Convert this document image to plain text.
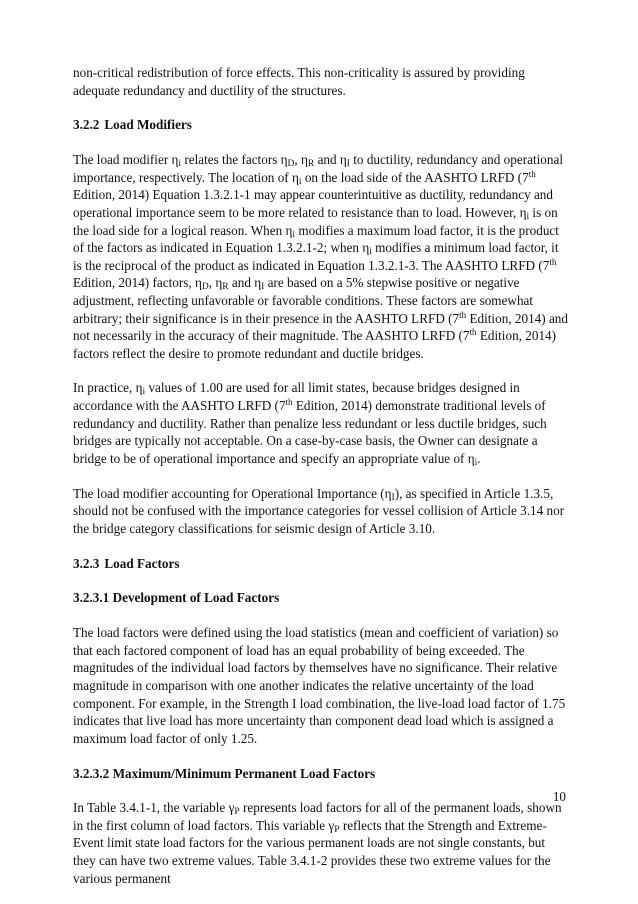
non-critical redistribution of force effects. This non-criticality is assured by providing adequate redundancy and ductility of the structures.

3.2.2 Load Modifiers

The load modifier $\eta_i$ relates the factors $\eta_D$, $\eta_R$ and $\eta_I$ to ductility, redundancy and operational importance, respectively. The location of $\eta_i$ on the load side of the AASHTO LRFD (7th Edition, 2014) Equation 1.3.2.1-1 may appear counterintuitive as ductility, redundancy and operational importance seem to be more related to resistance than to load. However, $\eta_i$ is on the load side for a logical reason. When $\eta_i$ modifies a maximum load factor, it is the product of the factors as indicated in Equation 1.3.2.1-2; when $\eta_i$ modifies a minimum load factor, it is the reciprocal of the product as indicated in Equation 1.3.2.1-3. The AASHTO LRFD (7th Edition, 2014) factors, $\eta_D$, $\eta_R$ and $\eta_I$ are based on a 5% stepwise positive or negative adjustment, reflecting unfavorable or favorable conditions. These factors are somewhat arbitrary; their significance is in their presence in the AASHTO LRFD (7th Edition, 2014) and not necessarily in the accuracy of their magnitude. The AASHTO LRFD (7th Edition, 2014) factors reflect the desire to promote redundant and ductile bridges.

In practice, $\eta_i$ values of 1.00 are used for all limit states, because bridges designed in accordance with the AASHTO LRFD (7th Edition, 2014) demonstrate traditional levels of redundancy and ductility. Rather than penalize less redundant or less ductile bridges, such bridges are typically not acceptable. On a case-by-case basis, the Owner can designate a bridge to be of operational importance and specify an appropriate value of $\eta_i$.

The load modifier accounting for Operational Importance $(\eta_I)$, as specified in Article 1.3.5, should not be confused with the importance categories for vessel collision of Article 3.14 nor the bridge category classifications for seismic design of Article 3.10.

3.2.3 Load Factors
3.2.3.1 Development of Load Factors

The load factors were defined using the load statistics (mean and coefficient of variation) so that each factored component of load has an equal probability of being exceeded. The magnitudes of the individual load factors by themselves have no significance. Their relative magnitude in comparison with one another indicates the relative uncertainty of the load component. For example, in the Strength I load combination, the live-load load factor of 1.75 indicates that live load has more uncertainty than component dead load which is assigned a maximum load factor of only 1.25.

3.2.3.2 Maximum/Minimum Permanent Load Factors

In Table 3.4.1-1, the variable $\gamma_P$ represents load factors for all of the permanent loads, shown in the first column of load factors. This variable $\gamma_P$ reflects that the Strength and Extreme-Event limit state load factors for the various permanent loads are not single constants, but they can have two extreme values. Table 3.4.1-2 provides these two extreme values for the various permanent

10
